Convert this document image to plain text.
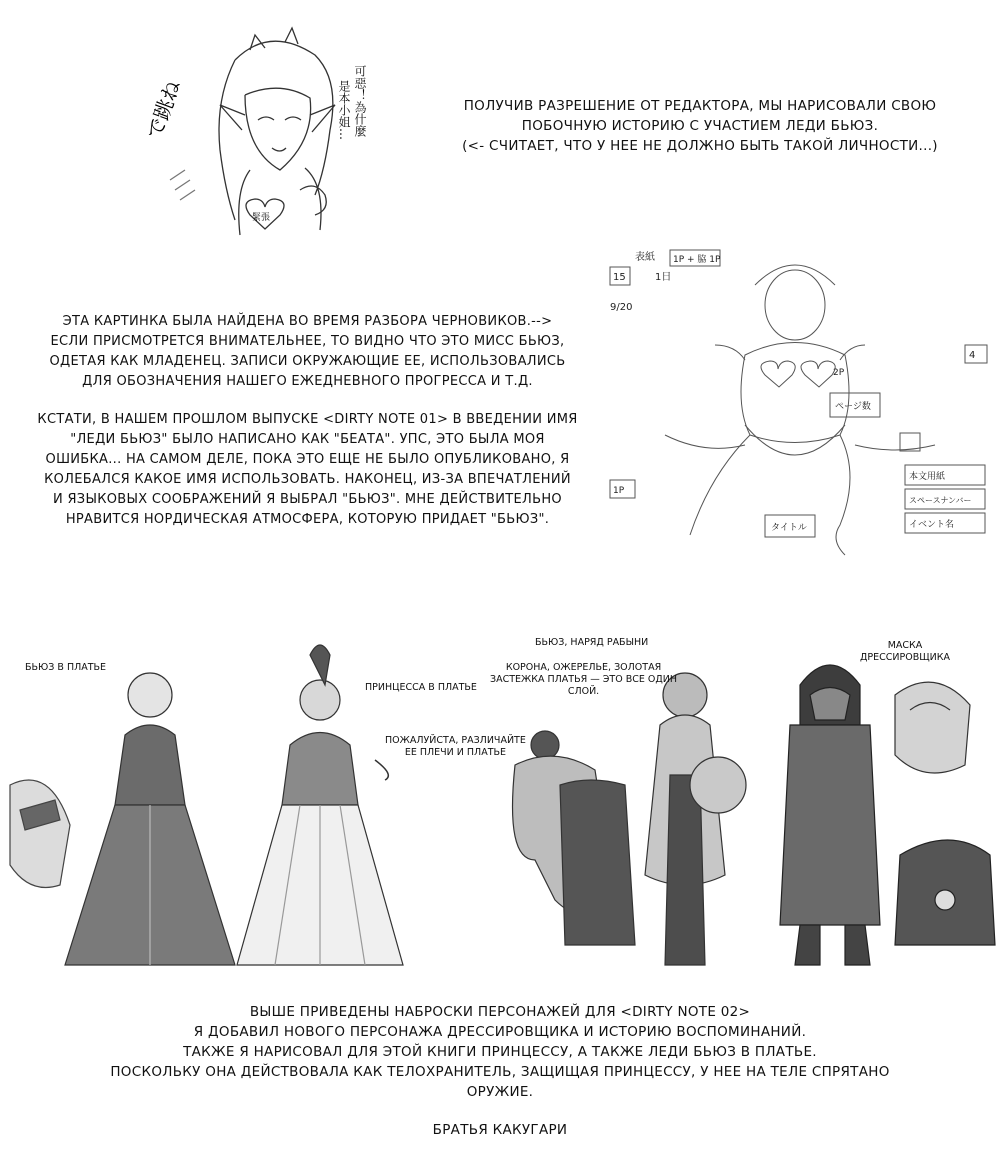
で跳ね	可惡！為什麼
是本小姐…
緊張
ПОЛУЧИВ РАЗРЕШЕНИЕ ОТ РЕДАКТОРА, МЫ НАРИСОВАЛИ СВОЮ
ПОБОЧНУЮ ИСТОРИЮ С УЧАСТИЕМ ЛЕДИ БЬЮЗ.
(<- СЧИТАЕТ, ЧТО У НЕЕ НЕ ДОЛЖНО БЫТЬ ТАКОЙ ЛИЧНОСТИ...)
ЭТА КАРТИНКА БЫЛА НАЙДЕНА ВО ВРЕМЯ РАЗБОРА ЧЕРНОВИКОВ.-->
ЕСЛИ ПРИСМОТРЕТСЯ ВНИМАТЕЛЬНЕЕ, ТО ВИДНО ЧТО ЭТО МИСС БЬЮЗ,
ОДЕТАЯ КАК МЛАДЕНЕЦ. ЗАПИСИ ОКРУЖАЮЩИЕ ЕЕ, ИСПОЛЬЗОВАЛИСЬ
ДЛЯ ОБОЗНАЧЕНИЯ НАШЕГО ЕЖЕДНЕВНОГО ПРОГРЕССА И Т.Д.
КСТАТИ, В НАШЕМ ПРОШЛОМ ВЫПУСКЕ <DIRTY NOTE 01> В ВВЕДЕНИИ ИМЯ
"ЛЕДИ БЬЮЗ" БЫЛО НАПИСАНО КАК "БЕАТА". УПС, ЭТО БЫЛА МОЯ
ОШИБКА... НА САМОМ ДЕЛЕ, ПОКА ЭТО ЕЩЕ НЕ БЫЛО ОПУБЛИКОВАНО, Я
КОЛЕБАЛСЯ КАКОЕ ИМЯ ИСПОЛЬЗОВАТЬ. НАКОНЕЦ, ИЗ-ЗА ВПЕЧАТЛЕНИЙ
И ЯЗЫКОВЫХ СООБРАЖЕНИЙ Я ВЫБРАЛ "БЬЮЗ". МНЕ ДЕЙСТВИТЕЛЬНО
НРАВИТСЯ НОРДИЧЕСКАЯ АТМОСФЕРА, КОТОРУЮ ПРИДАЕТ "БЬЮЗ".
表紙
1日
1P + 脇 1P
15
9/20
本文用紙
スペースナンバー
イベント名
タイトル
ページ数
2P
4
1P
БЬЮЗ В ПЛАТЬЕ
ПРИНЦЕССА В ПЛАТЬЕ
ПОЖАЛУЙСТА, РАЗЛИЧАЙТЕ
ЕЕ ПЛЕЧИ И ПЛАТЬЕ
БЬЮЗ, НАРЯД РАБЫНИ
КОРОНА, ОЖЕРЕЛЬЕ, ЗОЛОТАЯ
ЗАСТЕЖКА ПЛАТЬЯ — ЭТО ВСЕ ОДИН
СЛОЙ.
МАСКА
ДРЕССИРОВЩИКА
ВЫШЕ ПРИВЕДЕНЫ НАБРОСКИ ПЕРСОНАЖЕЙ ДЛЯ <DIRTY NOTE 02>
Я ДОБАВИЛ НОВОГО ПЕРСОНАЖА ДРЕССИРОВЩИКА И ИСТОРИЮ ВОСПОМИНАНИЙ.
ТАКЖЕ Я НАРИСОВАЛ ДЛЯ ЭТОЙ КНИГИ ПРИНЦЕССУ, А ТАКЖЕ ЛЕДИ БЬЮЗ В ПЛАТЬЕ.
ПОСКОЛЬКУ ОНА ДЕЙСТВОВАЛА КАК ТЕЛОХРАНИТЕЛЬ, ЗАЩИЩАЯ ПРИНЦЕССУ, У НЕЕ НА ТЕЛЕ СПРЯТАНО
ОРУЖИЕ.
БРАТЬЯ КАКУГАРИ
